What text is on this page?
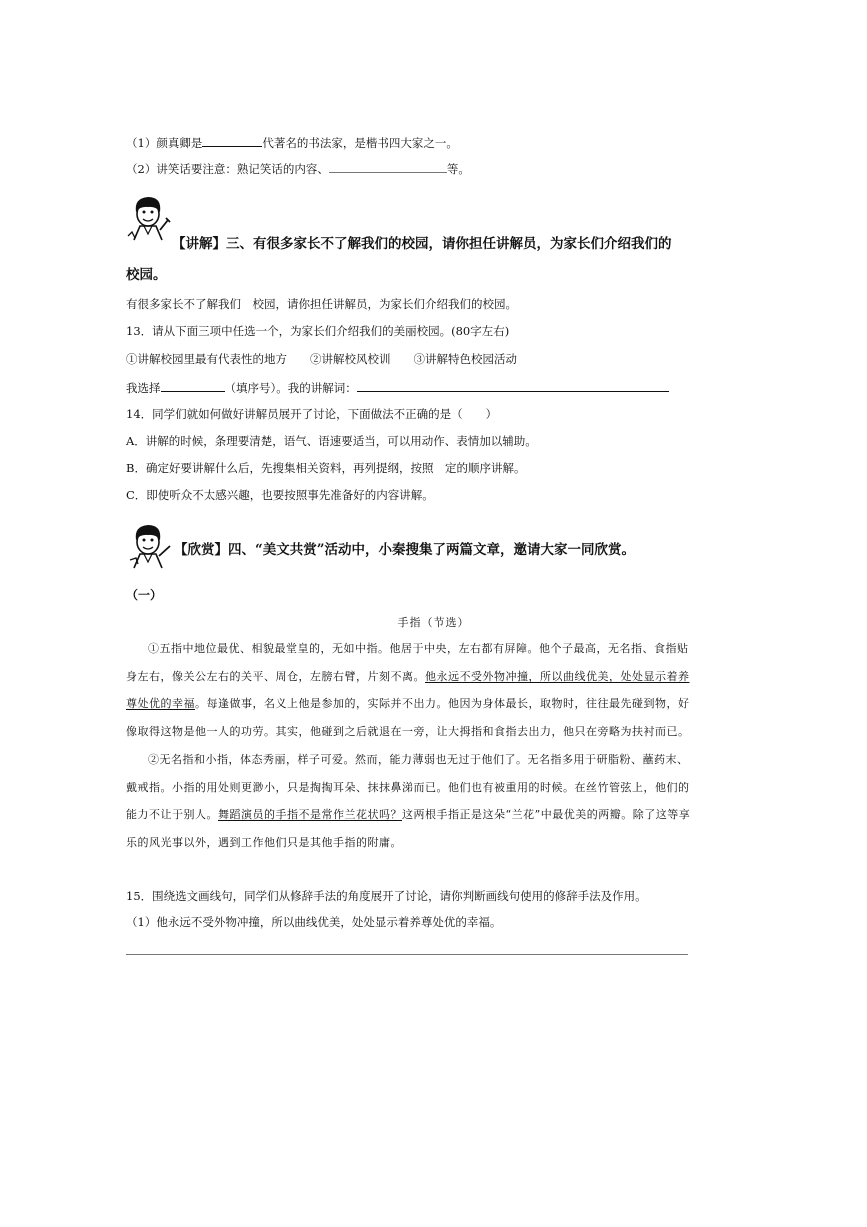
（1）颜真卿是	代著名的书法家，是楷书四大家之一。
（2）讲笑话要注意：熟记笑话的内容、	等。
【讲解】三、有很多家长不了解我们的校园，请你担任讲解员，为家长们介绍我们的
校园。
有很多家长不了解我们　校园，请你担任讲解员，为家长们介绍我们的校园。
13．请从下面三项中任选一个，为家长们介绍我们的美丽校园。(80字左右)
①讲解校园里最有代表性的地方　　②讲解校风校训　　③讲解特色校园活动
我选择	（填序号）。我的讲解词：
14．同学们就如何做好讲解员展开了讨论，下面做法不正确的是（　　）
A．讲解的时候，条理要清楚，语气、语速要适当，可以用动作、表情加以辅助。
B．确定好要讲解什么后，先搜集相关资料，再列提纲，按照　定的顺序讲解。
C．即使听众不太感兴趣，也要按照事先准备好的内容讲解。
【欣赏】四、“美文共赏”活动中，小秦搜集了两篇文章，邀请大家一同欣赏。
（一）
手指（节选）
①五指中地位最优、相貌最堂皇的，无如中指。他居于中央，左右都有屏障。他个子最高，无名指、食指贴身左右，像关公左右的关平、周仓，左膀右臂，片刻不离。他永远不受外物冲撞，所以曲线优美，处处显示着养尊处优的幸福。每逢做事，名义上他是参加的，实际并不出力。他因为身体最长，取物时，往往最先碰到物，好像取得这物是他一人的功劳。其实，他碰到之后就退在一旁，让大拇指和食指去出力，他只在旁略为扶衬而已。
②无名指和小指，体态秀丽，样子可爱。然而，能力薄弱也无过于他们了。无名指多用于研脂粉、蘸药末、戴戒指。小指的用处则更渺小，只是掏掏耳朵、抹抹鼻涕而已。他们也有被重用的时候。在丝竹管弦上，他们的能力不让于别人。舞蹈演员的手指不是常作兰花状吗？这两根手指正是这朵“兰花”中最优美的两瓣。除了这等享乐的风光事以外，遇到工作他们只是其他手指的附庸。
15．围绕选文画线句，同学们从修辞手法的角度展开了讨论，请你判断画线句使用的修辞手法及作用。
（1）他永远不受外物冲撞，所以曲线优美，处处显示着养尊处优的幸福。
